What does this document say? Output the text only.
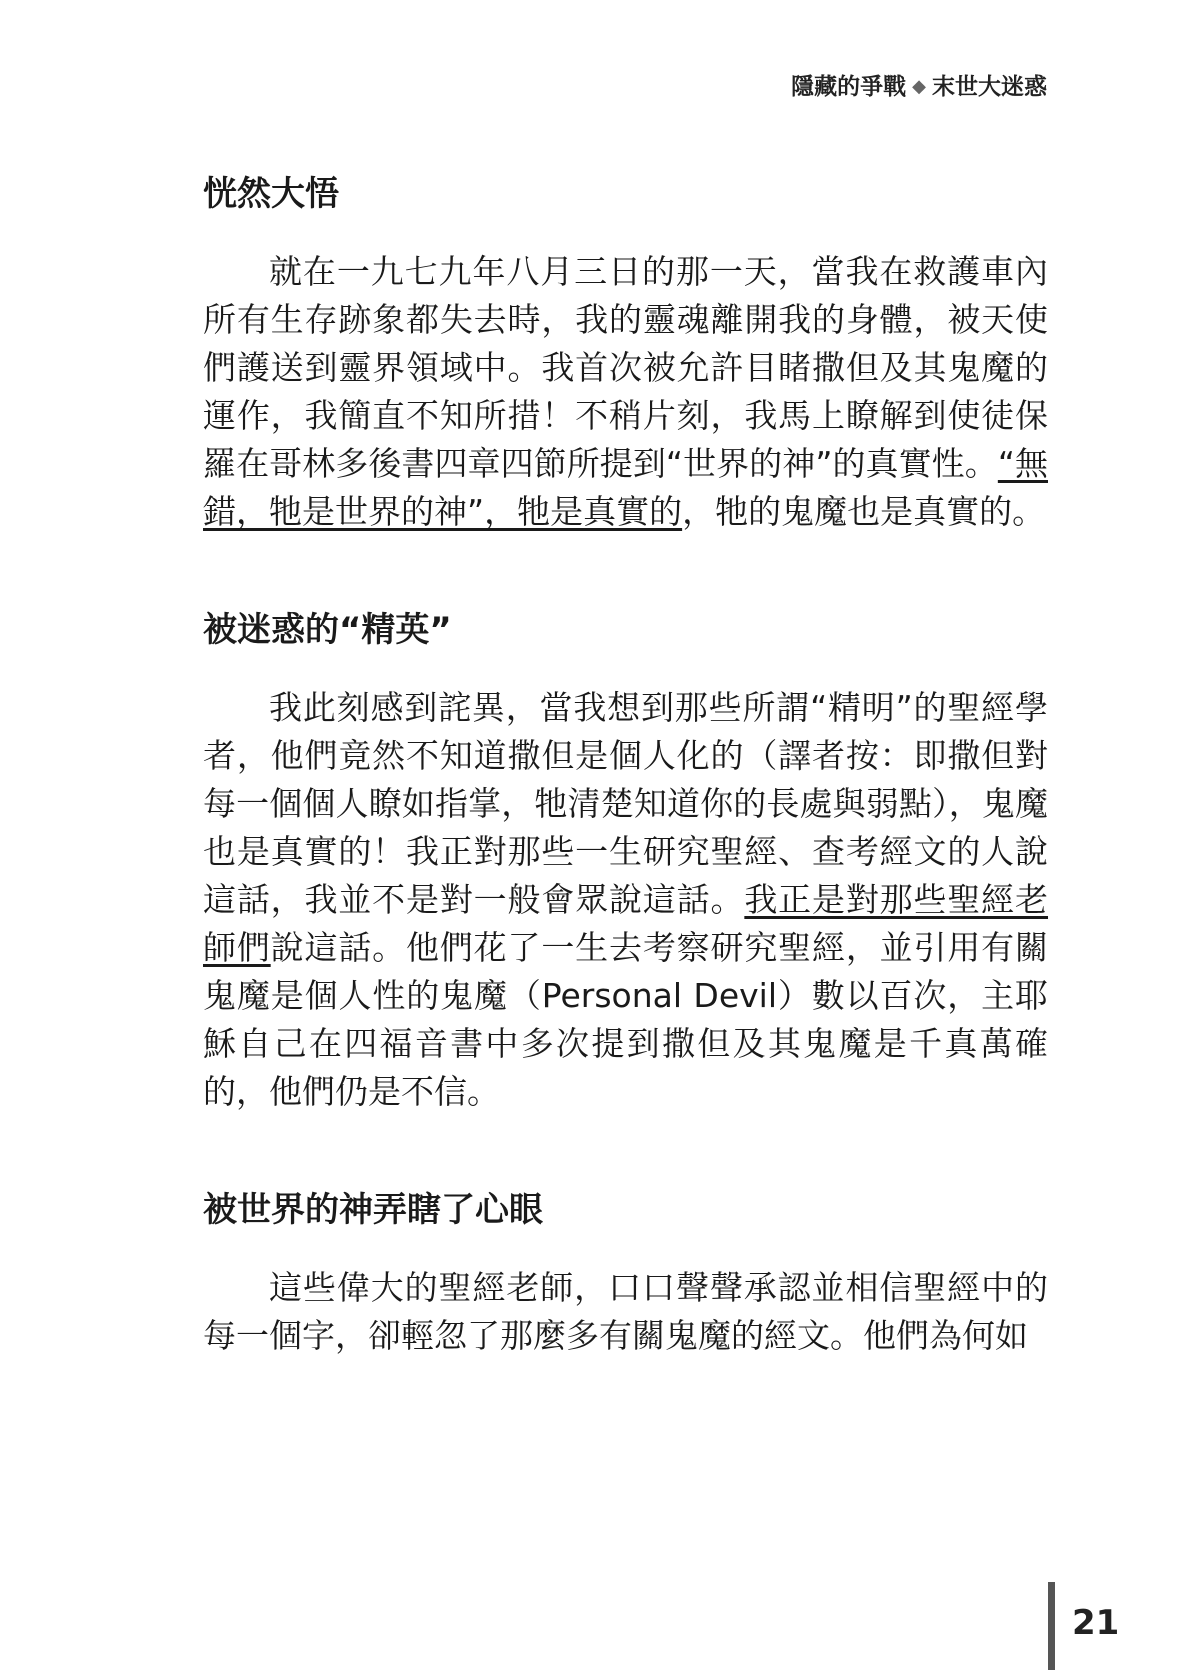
隱藏的爭戰 ◆ 末世大迷惑
恍然大悟

就在一九七九年八月三日的那一天，當我在救護車內所有生存跡象都失去時，我的靈魂離開我的身體，被天使們護送到靈界領域中。我首次被允許目睹撒但及其鬼魔的運作，我簡直不知所措！不稍片刻，我馬上瞭解到使徒保羅在哥林多後書四章四節所提到“世界的神”的真實性。“無錯，牠是世界的神”，牠是真實的，牠的鬼魔也是真實的。

被迷惑的“精英”

我此刻感到詫異，當我想到那些所謂“精明”的聖經學者，他們竟然不知道撒但是個人化的（譯者按：即撒但對每一個個人瞭如指掌，牠清楚知道你的長處與弱點），鬼魔也是真實的！我正對那些一生研究聖經、查考經文的人說這話，我並不是對一般會眾說這話。我正是對那些聖經老師們說這話。他們花了一生去考察研究聖經，並引用有關鬼魔是個人性的鬼魔（Personal Devil）數以百次，主耶穌自己在四福音書中多次提到撒但及其鬼魔是千真萬確的，他們仍是不信。

被世界的神弄瞎了心眼

這些偉大的聖經老師，口口聲聲承認並相信聖經中的每一個字，卻輕忽了那麼多有關鬼魔的經文。他們為何如

21
